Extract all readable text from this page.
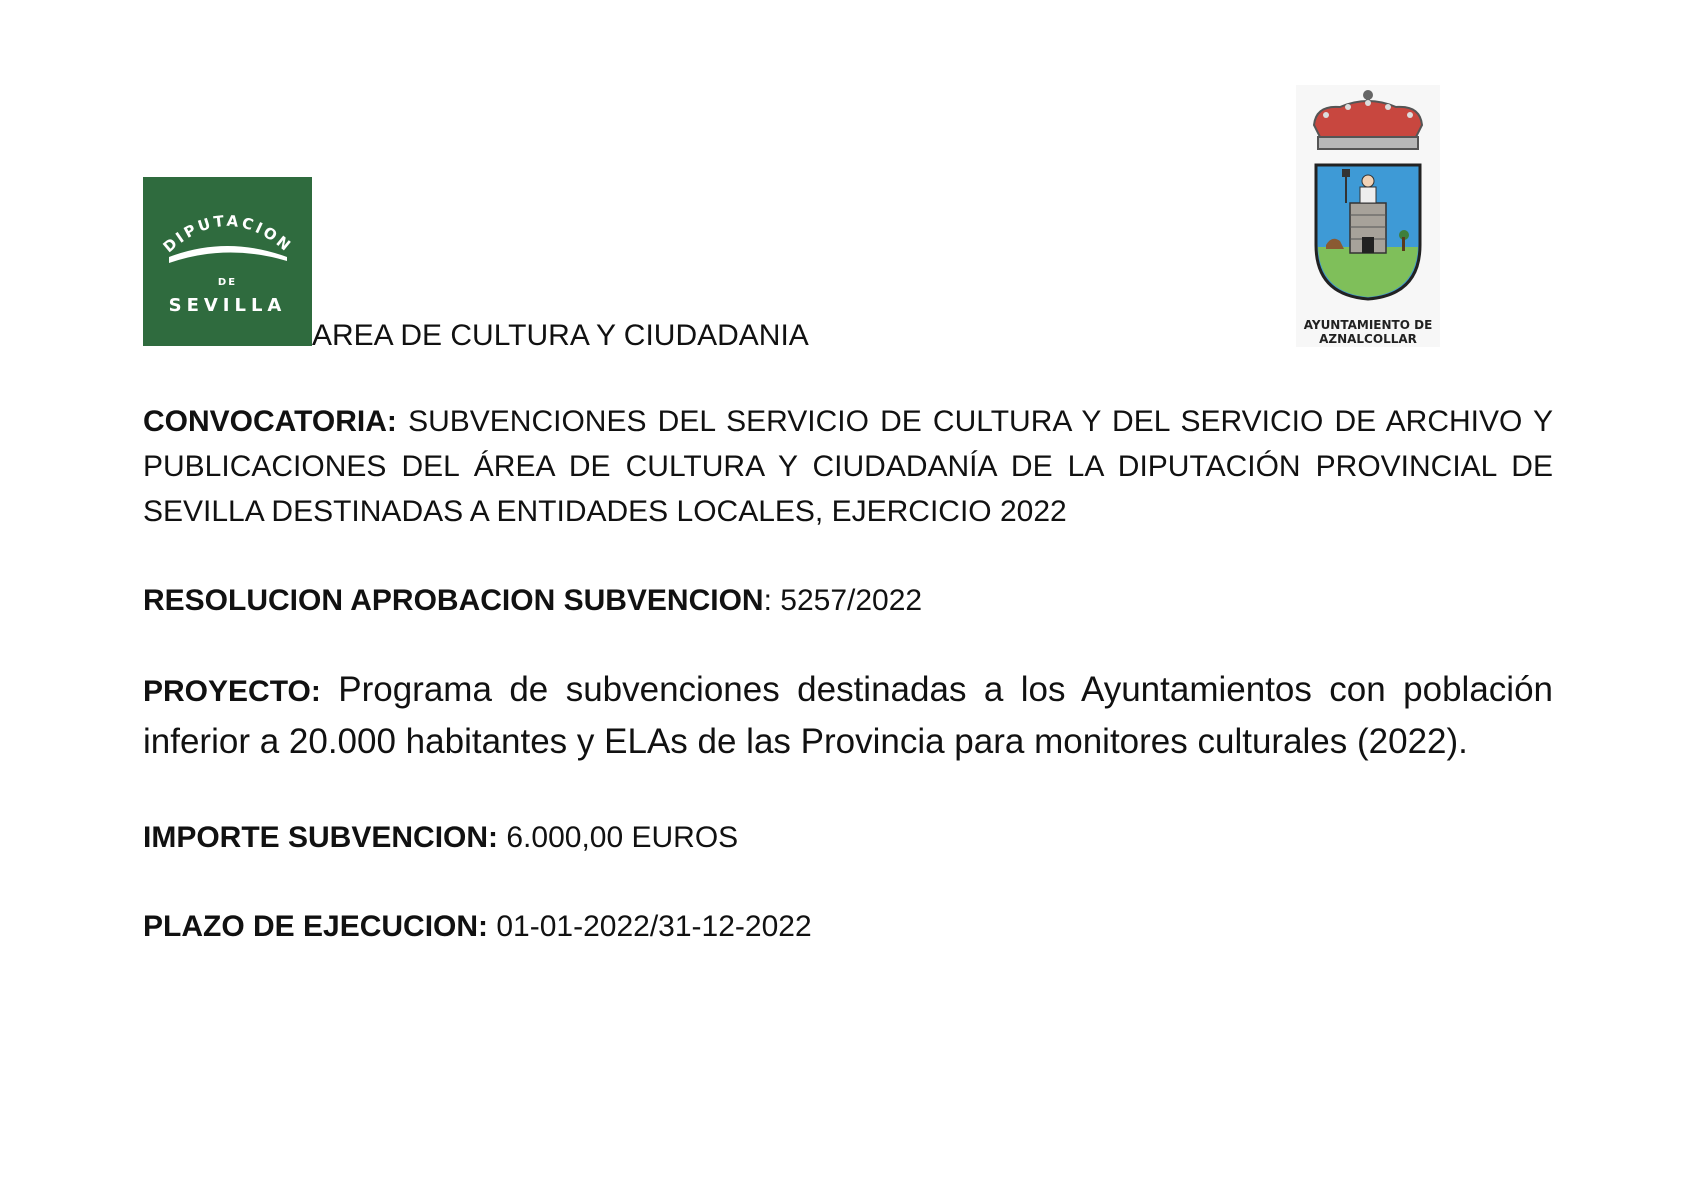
DIPUTACION
DE
SEVILLA
AREA DE CULTURA Y CIUDADANIA	AYUNTAMIENTO DE
AZNALCOLLAR
CONVOCATORIA: SUBVENCIONES DEL SERVICIO DE CULTURA Y DEL SERVICIO DE ARCHIVO Y PUBLICACIONES DEL ÁREA DE CULTURA Y CIUDADANÍA DE LA DIPUTACIÓN PROVINCIAL DE SEVILLA DESTINADAS A ENTIDADES LOCALES, EJERCICIO 2022
RESOLUCION APROBACION SUBVENCION: 5257/2022
PROYECTO: Programa de subvenciones destinadas a los Ayuntamientos con población inferior a 20.000 habitantes y ELAs de las Provincia para monitores culturales (2022).
IMPORTE SUBVENCION: 6.000,00 EUROS
PLAZO DE EJECUCION: 01-01-2022/31-12-2022
